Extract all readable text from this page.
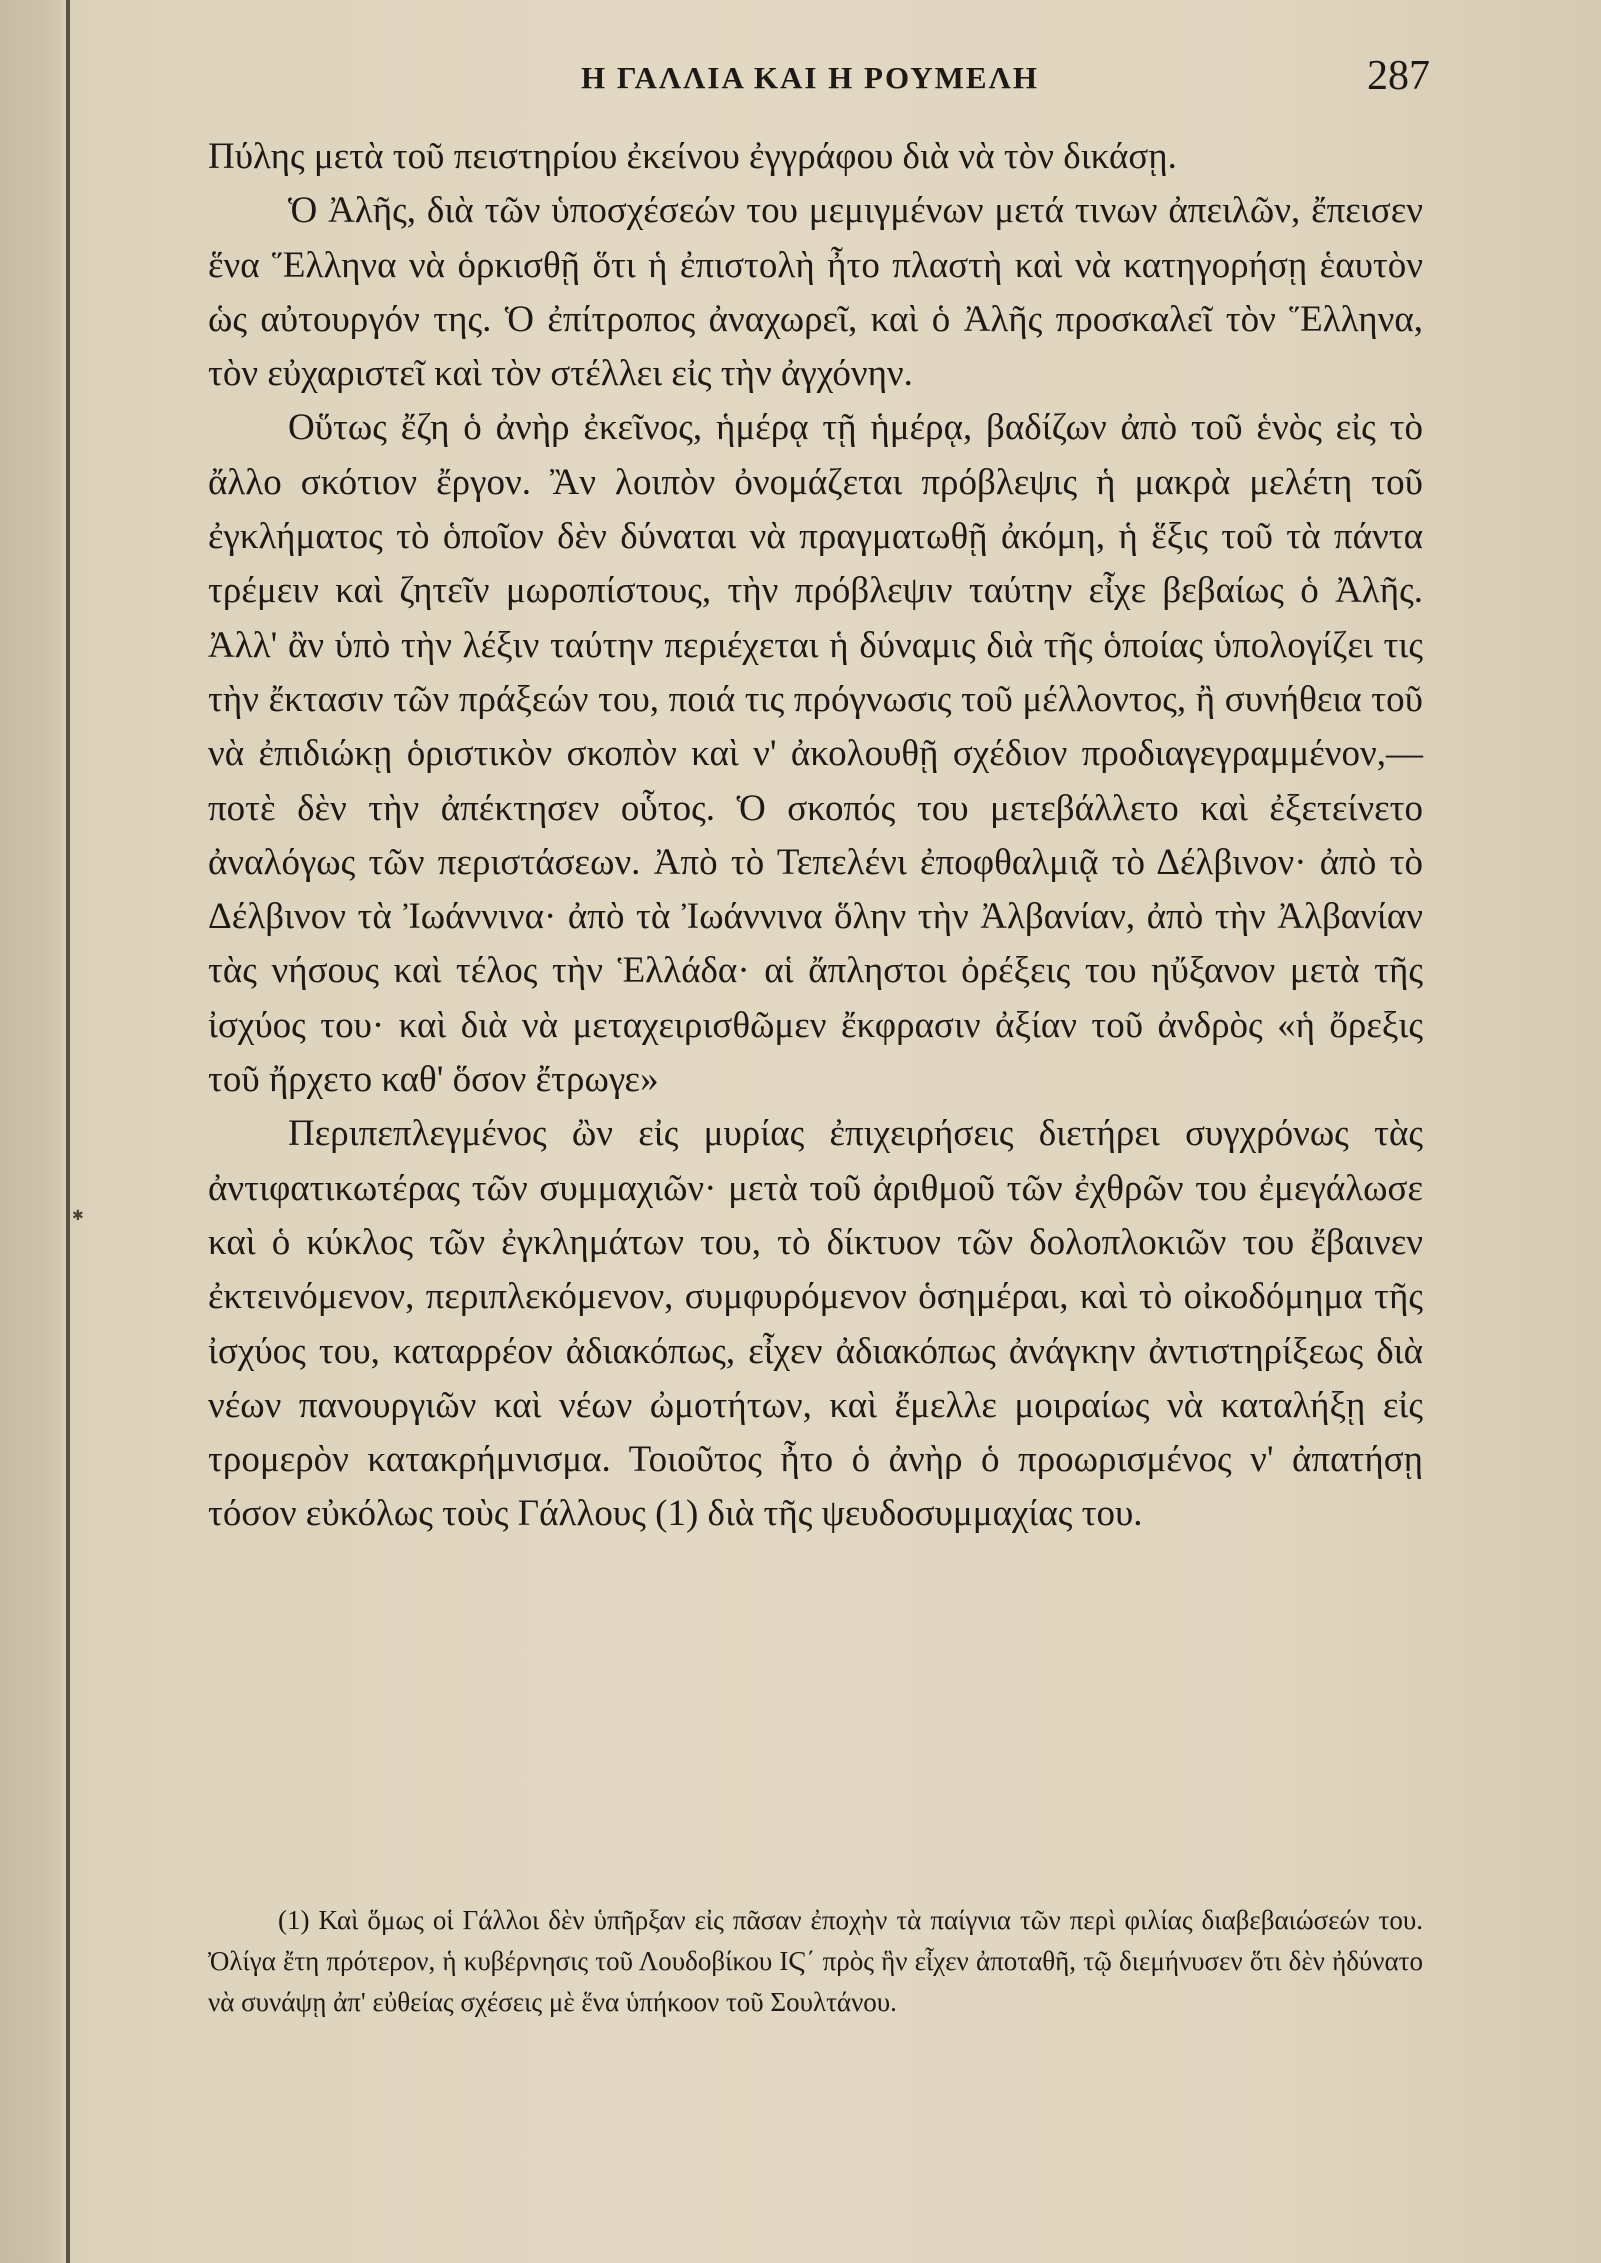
Η ΓΑΛΛΙΑ ΚΑΙ Η ΡΟΥΜΕΛΗ	287
✱

Πύλης μετὰ τοῦ πειστηρίου ἐκείνου ἐγγράφου διὰ νὰ τὸν δικάσῃ.

Ὁ Ἀλῆς, διὰ τῶν ὑποσχέσεών του μεμιγμένων μετά τινων ἀπειλῶν, ἔπεισεν ἕνα Ἕλληνα νὰ ὁρκισθῇ ὅτι ἡ ἐπιστολὴ ἦτο πλαστὴ καὶ νὰ κατηγορήσῃ ἑαυτὸν ὡς αὐτουργόν της. Ὁ ἐπίτροπος ἀναχωρεῖ, καὶ ὁ Ἀλῆς προσκαλεῖ τὸν Ἕλληνα, τὸν εὐχαριστεῖ καὶ τὸν στέλλει εἰς τὴν ἀγχόνην.

Οὕτως ἔζη ὁ ἀνὴρ ἐκεῖνος, ἡμέρᾳ τῇ ἡμέρᾳ, βαδίζων ἀπὸ τοῦ ἑνὸς εἰς τὸ ἄλλο σκότιον ἔργον. Ἂν λοιπὸν ὀνομάζεται πρόβλεψις ἡ μακρὰ μελέτη τοῦ ἐγκλήματος τὸ ὁποῖον δὲν δύναται νὰ πραγματωθῇ ἀκόμη, ἡ ἕξις τοῦ τὰ πάντα τρέμειν καὶ ζητεῖν μωροπίστους, τὴν πρόβλεψιν ταύτην εἶχε βεβαίως ὁ Ἀλῆς. Ἀλλ' ἂν ὑπὸ τὴν λέξιν ταύτην περιέχεται ἡ δύναμις διὰ τῆς ὁποίας ὑπολογίζει τις τὴν ἔκτασιν τῶν πράξεών του, ποιά τις πρόγνωσις τοῦ μέλλοντος, ἢ συνήθεια τοῦ νὰ ἐπιδιώκῃ ὁριστικὸν σκοπὸν καὶ ν' ἀκολουθῇ σχέδιον προδιαγεγραμμένον,— ποτὲ δὲν τὴν ἀπέκτησεν οὗτος. Ὁ σκοπός του μετεβάλλετο καὶ ἐξετείνετο ἀναλόγως τῶν περιστάσεων. Ἀπὸ τὸ Τεπελένι ἐποφθαλμιᾷ τὸ Δέλβινον· ἀπὸ τὸ Δέλβινον τὰ Ἰωάννινα· ἀπὸ τὰ Ἰωάννινα ὅλην τὴν Ἀλβανίαν, ἀπὸ τὴν Ἀλβανίαν τὰς νήσους καὶ τέλος τὴν Ἑλλάδα· αἱ ἄπληστοι ὀρέξεις του ηὔξανον μετὰ τῆς ἰσχύος του· καὶ διὰ νὰ μεταχειρισθῶμεν ἔκφρασιν ἀξίαν τοῦ ἀνδρὸς «ἡ ὄρεξις τοῦ ἤρχετο καθ' ὅσον ἔτρωγε»

Περιπεπλεγμένος ὢν εἰς μυρίας ἐπιχειρήσεις διετήρει συγχρόνως τὰς ἀντιφατικωτέρας τῶν συμμαχιῶν· μετὰ τοῦ ἀριθμοῦ τῶν ἐχθρῶν του ἐμεγάλωσε καὶ ὁ κύκλος τῶν ἐγκλημάτων του, τὸ δίκτυον τῶν δολοπλοκιῶν του ἔβαινεν ἐκτεινόμενον, περιπλεκόμενον, συμφυρόμενον ὁσημέραι, καὶ τὸ οἰκοδόμημα τῆς ἰσχύος του, καταρρέον ἀδιακόπως, εἶχεν ἀδιακόπως ἀνάγκην ἀντιστηρίξεως διὰ νέων πανουργιῶν καὶ νέων ὠμοτήτων, καὶ ἔμελλε μοιραίως νὰ καταλήξῃ εἰς τρομερὸν κατακρήμνισμα. Τοιοῦτος ἦτο ὁ ἀνὴρ ὁ προωρισμένος ν' ἀπατήσῃ τόσον εὐκόλως τοὺς Γάλλους (1) διὰ τῆς ψευδοσυμμαχίας του.

(1) Καὶ ὅμως οἱ Γάλλοι δὲν ὑπῆρξαν εἰς πᾶσαν ἐποχὴν τὰ παίγνια τῶν περὶ φιλίας διαβεβαιώσεών του. Ὀλίγα ἔτη πρότερον, ἡ κυβέρνησις τοῦ Λουδοβίκου ΙϚ΄ πρὸς ἣν εἶχεν ἀποταθῆ, τῷ διεμήνυσεν ὅτι δὲν ἠδύνατο νὰ συνάψῃ ἀπ' εὐθείας σχέσεις μὲ ἕνα ὑπήκοον τοῦ Σουλτάνου.
